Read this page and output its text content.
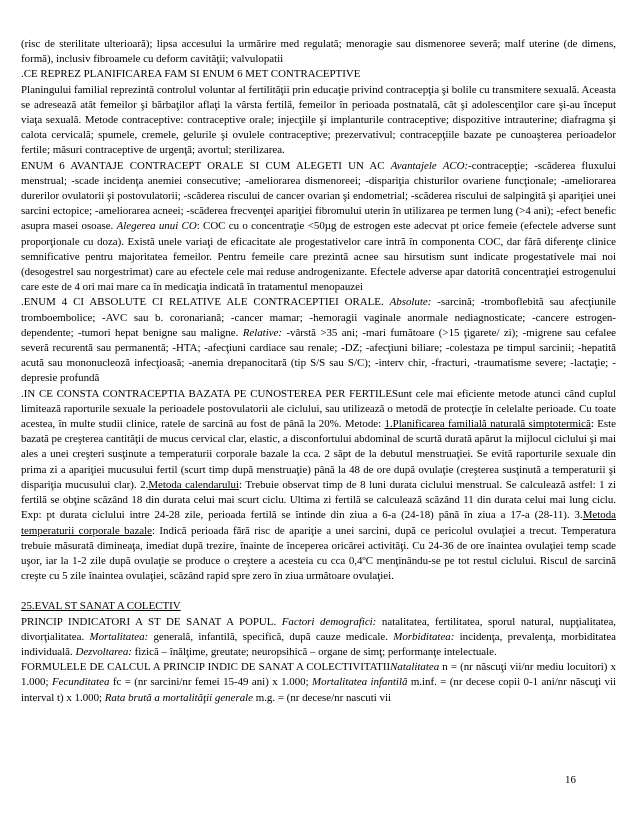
(risc de sterilitate ulterioară); lipsa accesului la urmărire med regulată; menoragie sau dismenoree severă; malf uterine (de dimens, formă), inclusiv fibroamele cu deform cavităţii; valvulopatii

.CE REPREZ PLANIFICAREA FAM SI ENUM 6 MET CONTRACEPTIVE

Planingului familial reprezintă controlul voluntar al fertilităţii prin educaţie privind contracepţia şi bolile cu transmitere sexuală. Aceasta se adresează atât femeilor şi bărbaţilor aflaţi la vârsta fertilă, femeilor în perioada postnatală, cât şi adolescenţilor care şi-au început viaţa sexuală. Metode contraceptive: contraceptive orale; injecţiile şi implanturile contraceptive; dispozitive intrauterine; diafragma şi calota cervicală; spumele, cremele, gelurile şi ovulele contraceptive; prezervativul; contracepţiile bazate pe cunoaşterea perioadelor fertile; măsuri contraceptive de urgenţă; avortul; sterilizarea.

ENUM 6 AVANTAJE CONTRACEPT ORALE SI CUM ALEGETI UN AC Avantajele ACO:-contracepţie; -scăderea fluxului menstrual; -scade incidenţa anemiei consecutive; -ameliorarea dismenoreei; -dispariţia chisturilor ovariene funcţionale; -ameliorarea durerilor ovulatorii şi postovulatorii; -scăderea riscului de cancer ovarian şi endometrial; -scăderea riscului de salpingită şi apariţiei unei sarcini ectopice; -ameliorarea acneei; -scăderea frecvenţei apariţiei fibromului uterin în utilizarea pe termen lung (>4 ani); -efect benefic asupra masei osoase. Alegerea unui CO: COC cu o concentraţie <50µg de estrogen este adecvat pt orice femeie (efectele adverse sunt proporţionale cu doza). Există unele variaţi de eficacitate ale progestativelor care intră în componenta COC, dar fără diferenţe clinice semnificative pentru majoritatea femeilor. Pentru femeile care prezintă acnee sau hirsutism sunt indicate progestativele mai noi (desogestrel sau norgestrimat) care au efectele cele mai reduse androgenizante. Efectele adverse apar datorită concentraţiei estrogenului care este de 4 ori mai mare ca în medicaţia indicată în tratamentul menopauzei

.ENUM 4 CI ABSOLUTE CI RELATIVE ALE CONTRACEPTIEI ORALE. Absolute: -sarcină; -tromboflebită sau afecţiunile tromboembolice; -AVC sau b. coronariană; -cancer mamar; -hemoragii vaginale anormale nediagnosticate; -cancere estrogen-dependente; -tumori hepat benigne sau maligne. Relative: -vârstă >35 ani; -mari fumătoare (>15 ţigarete/ zi); -migrene sau cefalee severă recurentă sau permanentă; -HTA; -afecţiuni cardiace sau renale; -DZ; -afecţiuni biliare; -colestaza pe timpul sarcinii; -hepatită acută sau mononucleoză infecţioasă; -anemia drepanocitară (tip S/S sau S/C); -interv chir, -fracturi, -traumatisme severe; -lactaţie; -depresie profundă

.IN CE CONSTA CONTRACEPTIA BAZATA PE CUNOSTEREA PER FERTILESunt cele mai eficiente metode atunci când cuplul limitează raporturile sexuale la perioadele postovulatorii ale ciclului, sau utilizează o metodă de protecţie în celelalte perioade. Cu toate acestea, în multe studii clinice, ratele de sarcină au fost de până la 20%. Metode: 1.Planificarea familială naturală simptotermică: Este bazată pe creşterea cantităţii de mucus cervical clar, elastic, a disconfortului abdominal de scurtă durată apărut la mijlocul ciclului şi mai ales a unei creşteri susţinute a temperaturii corporale bazale la cca. 2 săpt de la debutul menstruaţiei. Se evită raporturile sexuale din prima zi a apariţiei mucusului fertil (scurt timp după menstruaţie) până la 48 de ore după ovulaţie (creşterea susţinută a temperaturii şi dispariţia mucusului clar). 2.Metoda calendarului: Trebuie observat timp de 8 luni durata ciclului menstrual. Se calculează astfel: 1 zi fertilă se obţine scăzând 18 din durata celui mai scurt ciclu. Ultima zi fertilă se calculează scăzând 11 din durata celui mai lung ciclu. Exp: pt durata ciclului intre 24-28 zile, perioada fertilă se întinde din ziua a 6-a (24-18) până în ziua a 17-a (28-11). 3.Metoda temperaturii corporale bazale: Indică perioada fără risc de apariţie a unei sarcini, după ce pericolul ovulaţiei a trecut. Temperatura trebuie măsurată dimineaţa, imediat după trezire, înainte de începerea oricărei activităţi. Cu 24-36 de ore înaintea ovulaţiei temp scade uşor, iar la 1-2 zile după ovulaţie se produce o creştere a acesteia cu cca 0,4ºC menţinându-se pe tot restul ciclului. Riscul de sarcină creşte cu 5 zile înaintea ovulaţiei, scăzând rapid spre zero în ziua următoare ovulaţiei.

25.EVAL ST SANAT A COLECTIV

PRINCIP INDICATORI A ST DE SANAT A POPUL. Factori demografici: natalitatea, fertilitatea, sporul natural, nupţialitatea, divorţialitatea. Mortalitatea: generală, infantilă, specifică, după cauze medicale. Morbiditatea: incidenţa, prevalenţa, morbiditatea individuală. Dezvoltarea: fizică – înălţime, greutate; neuropsihică – organe de simţ; performanţe intelectuale.

FORMULELE DE CALCUL A PRINCIP INDIC DE SANAT A COLECTIVITATIINatalitatea n = (nr născuţi vii/nr mediu locuitori) x 1.000; Fecunditatea fc = (nr sarcini/nr femei 15-49 ani) x 1.000; Mortalitatea infantilă m.inf. = (nr decese copii 0-1 ani/nr născuţi vii interval t) x 1.000; Rata brută a mortalităţii generale m.g. = (nr decese/nr nascuti vii

16
